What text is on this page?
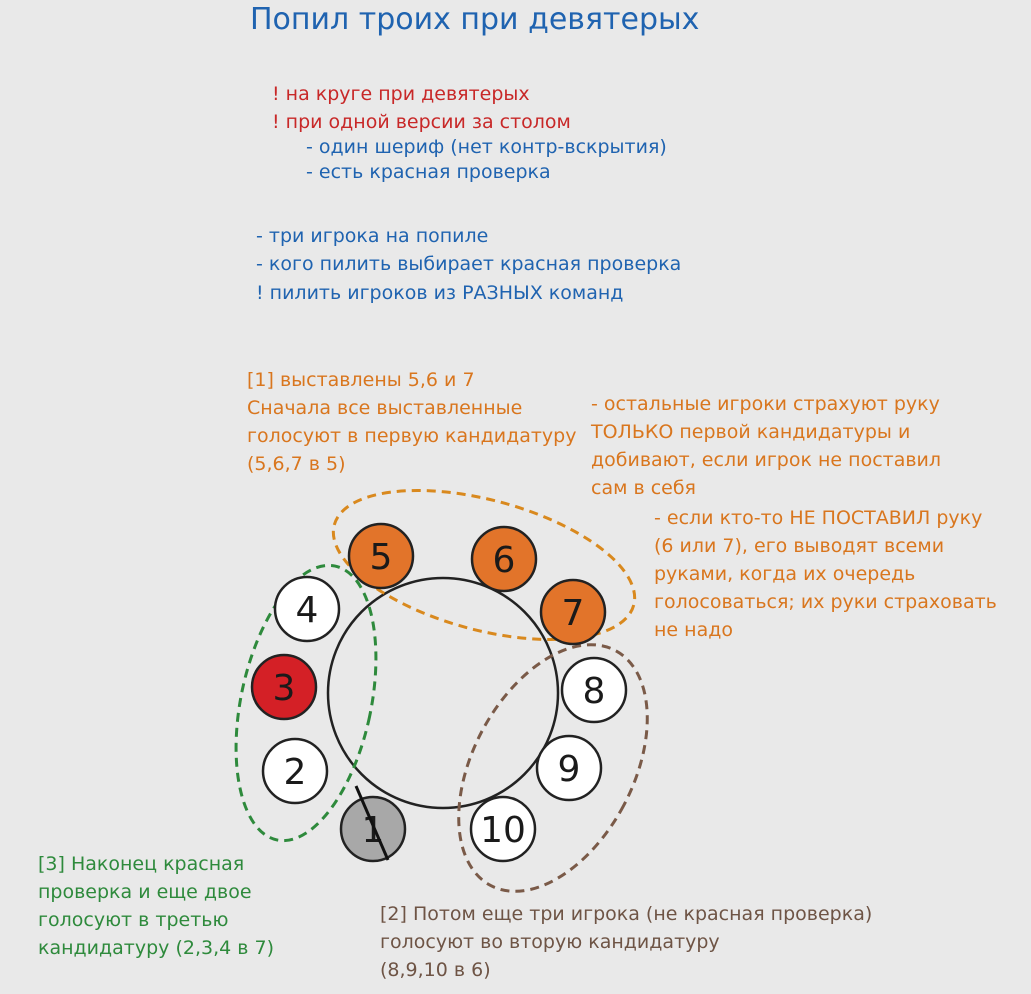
Попил троих при девятерых
! на круге при девятерых
! при одной версии за столом
- один шериф (нет контр-вскрытия)
- есть красная проверка
- три игрока на попиле
- кого пилить выбирает красная проверка
! пилить игроков из РАЗНЫХ команд
[1] выставлены 5,6 и 7
Сначала все выставленные
голосуют в первую кандидатуру
(5,6,7 в 5)
- остальные игроки страхуют руку
ТОЛЬКО первой кандидатуры и
добивают, если игрок не поставил
сам в себя
- если кто-то НЕ ПОСТАВИЛ руку
(6 или 7), его выводят всеми
руками, когда их очередь
голосоваться; их руки страховать
не надо
[3] Наконец красная
проверка и еще двое
голосуют в третью
кандидатуру (2,3,4 в 7)
[2] Потом еще три игрока (не красная проверка)
голосуют во вторую кандидатуру
(8,9,10 в 6)
1
2
3
4
5	6
7
8
9
10
